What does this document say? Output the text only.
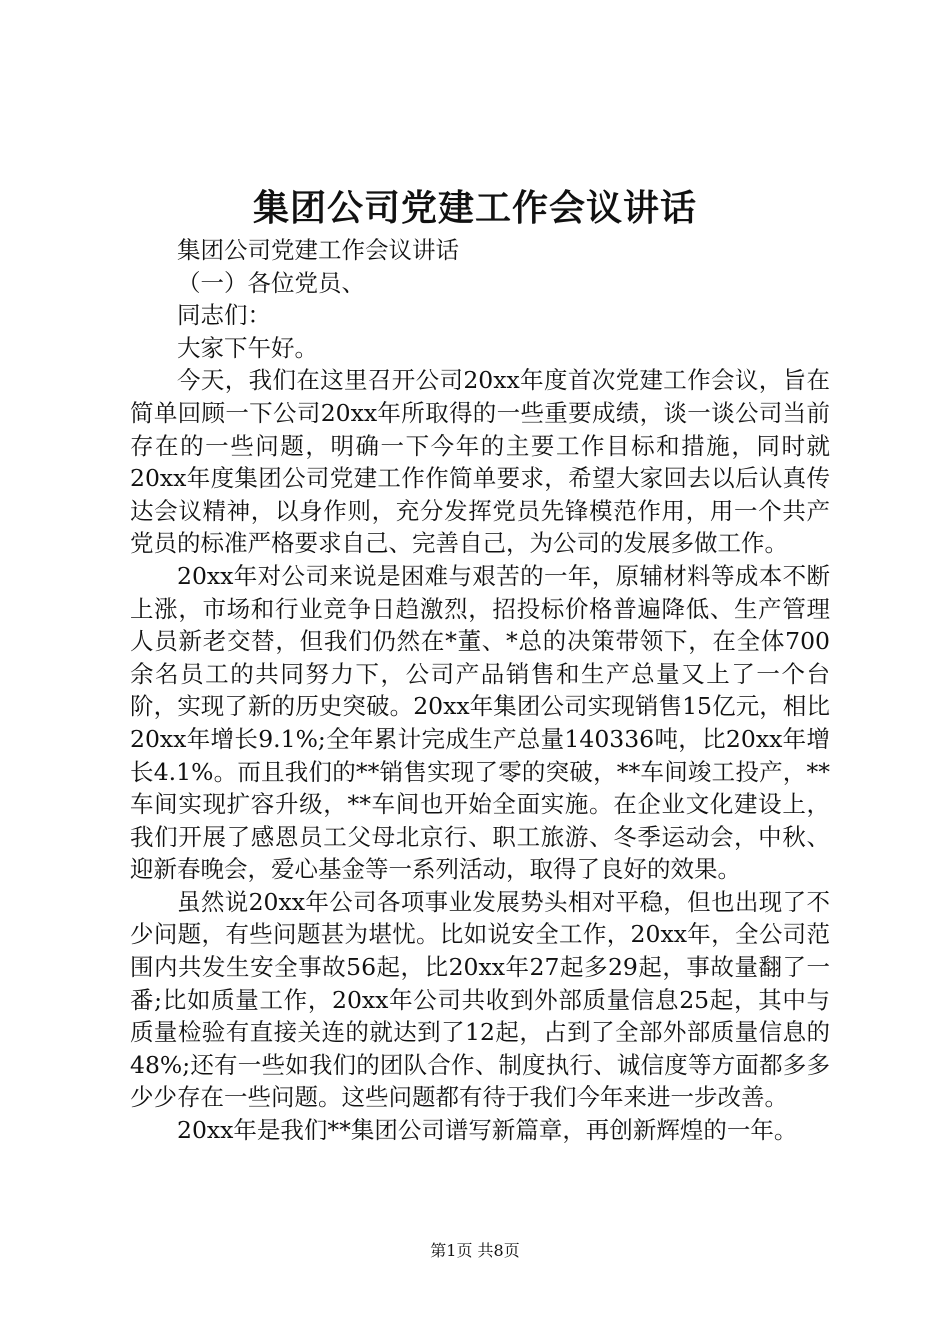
集团公司党建工作会议讲话

集团公司党建工作会议讲话

（一）各位党员、

同志们：

大家下午好。

今天，我们在这里召开公司20xx年度首次党建工作会议，旨在简单回顾一下公司20xx年所取得的一些重要成绩，谈一谈公司当前存在的一些问题，明确一下今年的主要工作目标和措施，同时就20xx年度集团公司党建工作作简单要求，希望大家回去以后认真传达会议精神，以身作则，充分发挥党员先锋模范作用，用一个共产党员的标准严格要求自己、完善自己，为公司的发展多做工作。

20xx年对公司来说是困难与艰苦的一年，原辅材料等成本不断上涨，市场和行业竞争日趋激烈，招投标价格普遍降低、生产管理人员新老交替，但我们仍然在*董、*总的决策带领下，在全体700余名员工的共同努力下，公司产品销售和生产总量又上了一个台阶，实现了新的历史突破。20xx年集团公司实现销售15亿元，相比20xx年增长9.1%;全年累计完成生产总量140336吨，比20xx年增长4.1%。而且我们的**销售实现了零的突破，**车间竣工投产，**车间实现扩容升级，**车间也开始全面实施。在企业文化建设上，我们开展了感恩员工父母北京行、职工旅游、冬季运动会，中秋、迎新春晚会，爱心基金等一系列活动，取得了良好的效果。

虽然说20xx年公司各项事业发展势头相对平稳，但也出现了不少问题，有些问题甚为堪忧。比如说安全工作，20xx年，全公司范围内共发生安全事故56起，比20xx年27起多29起，事故量翻了一番;比如质量工作，20xx年公司共收到外部质量信息25起，其中与质量检验有直接关连的就达到了12起，占到了全部外部质量信息的48%;还有一些如我们的团队合作、制度执行、诚信度等方面都多多少少存在一些问题。这些问题都有待于我们今年来进一步改善。

20xx年是我们**集团公司谱写新篇章，再创新辉煌的一年。

第1页 共8页
